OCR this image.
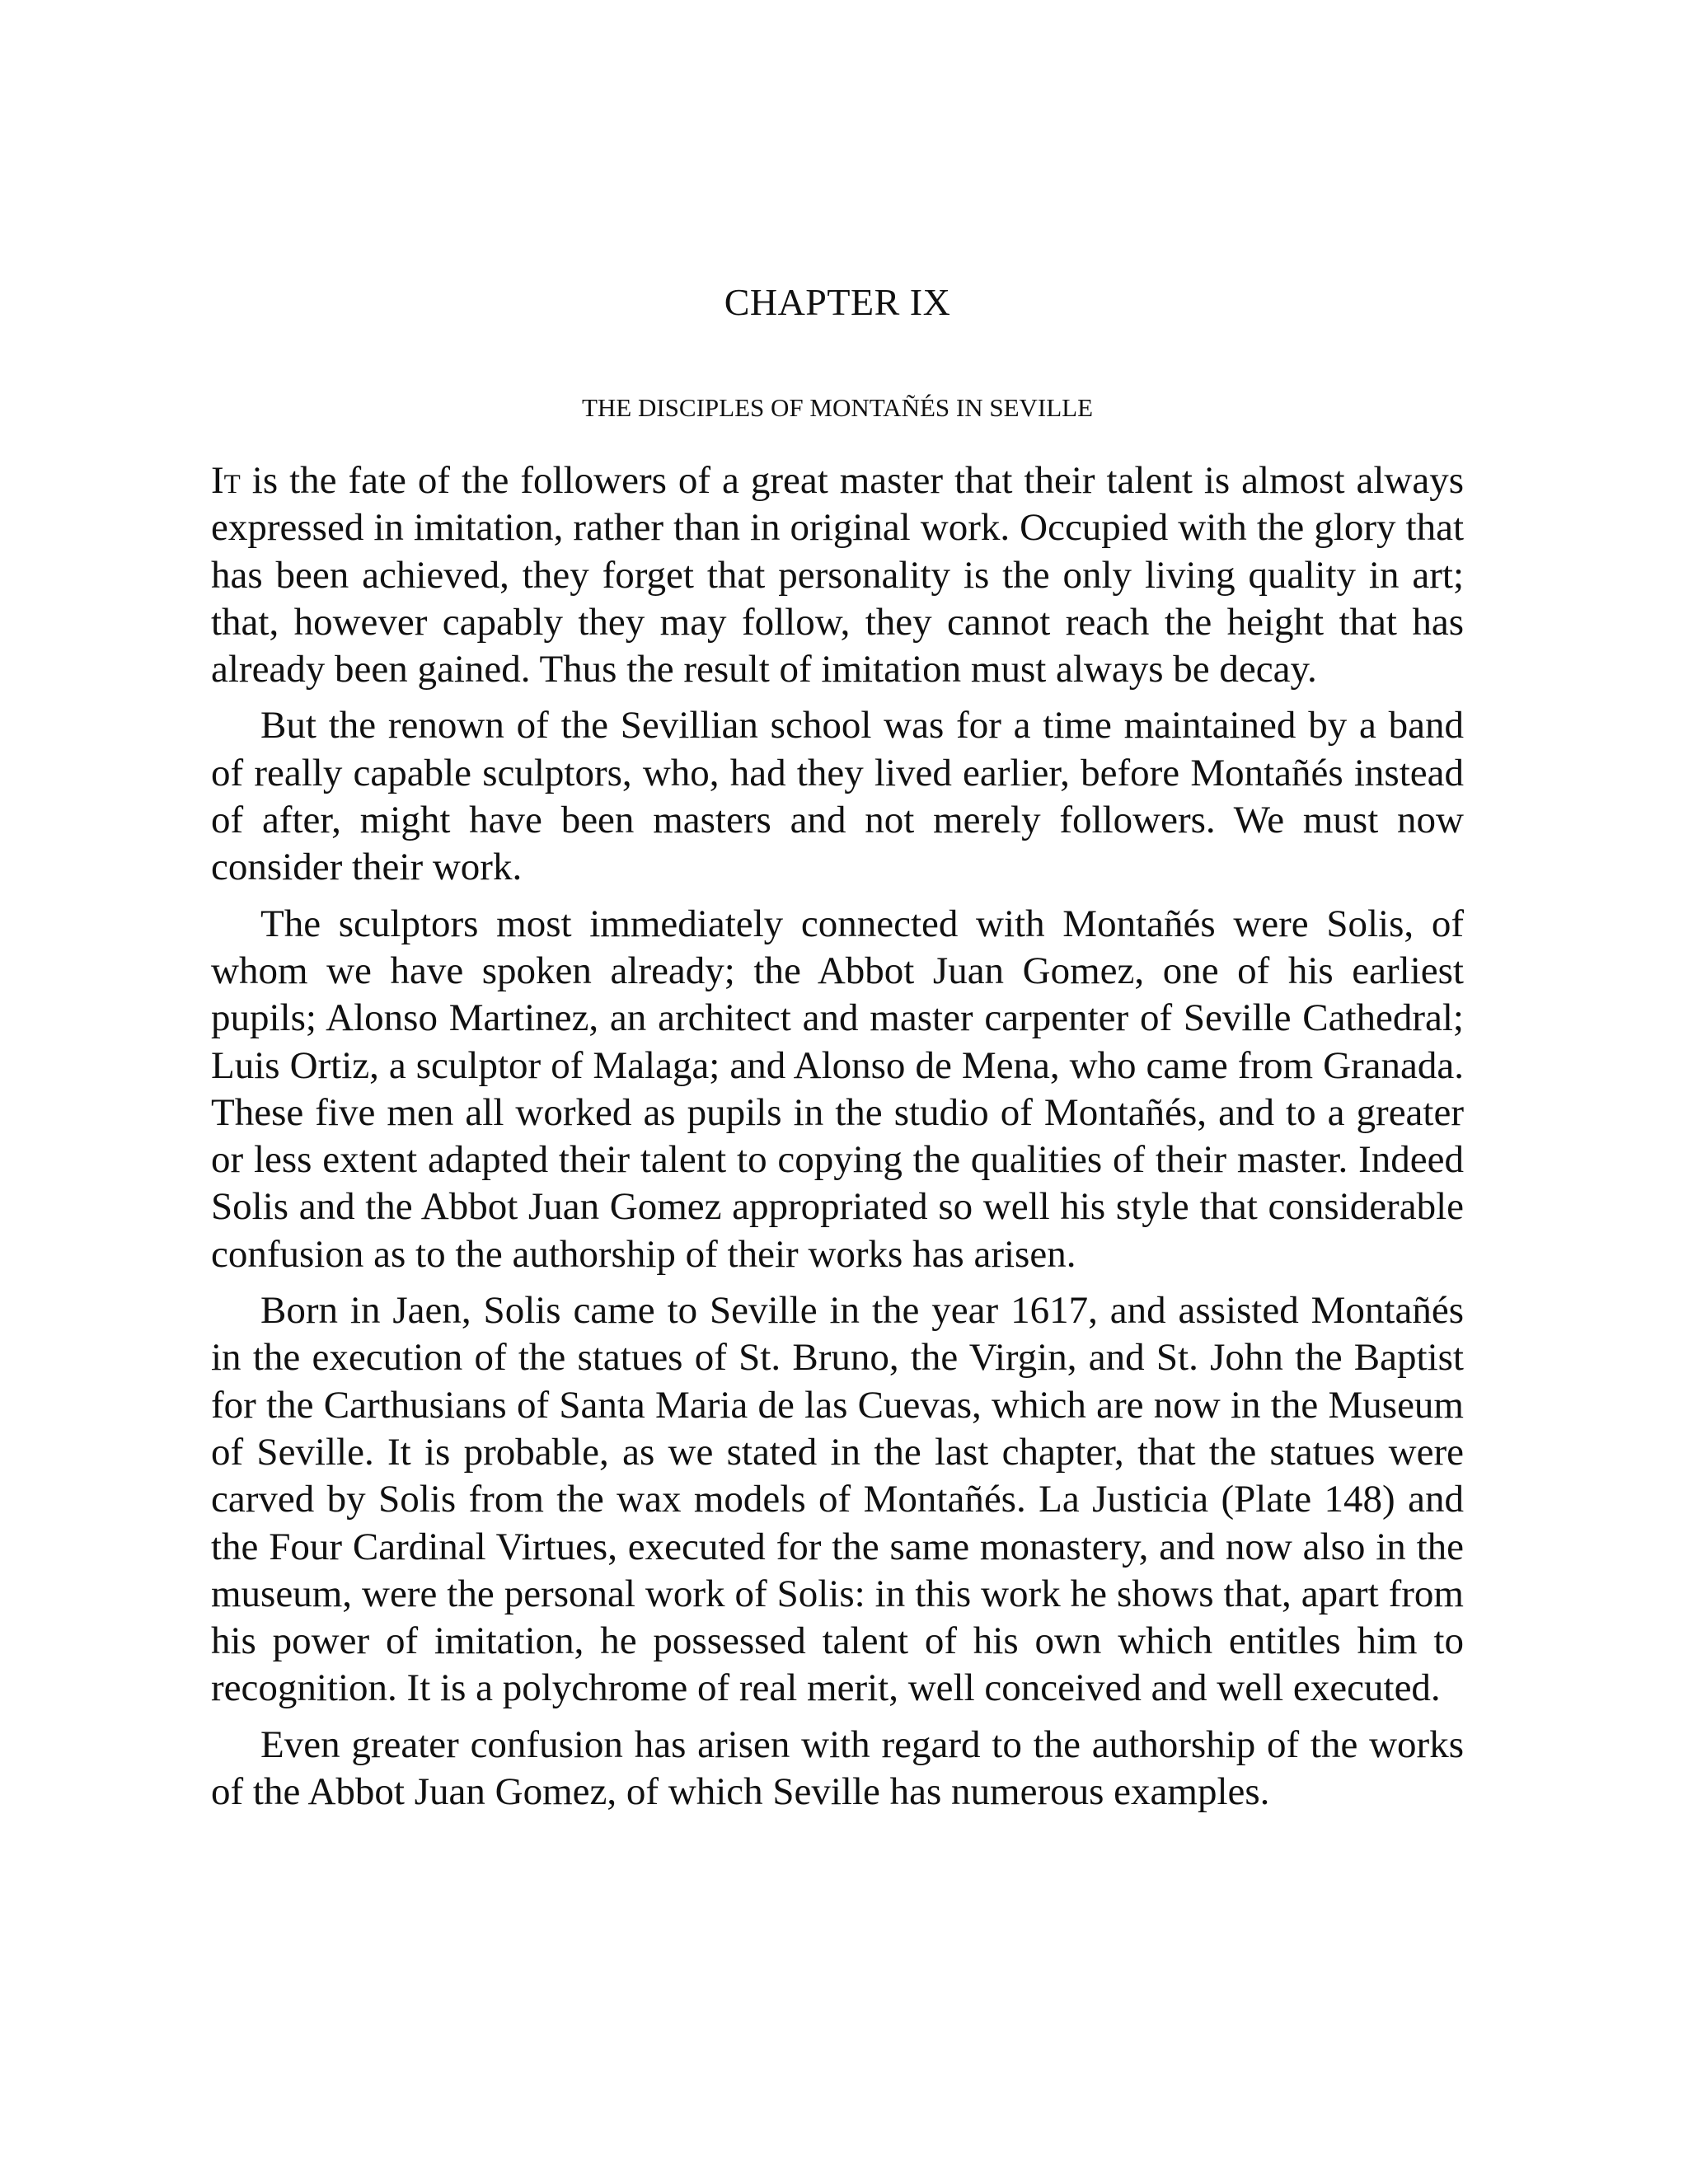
CHAPTER IX
THE DISCIPLES OF MONTAÑÉS IN SEVILLE

It is the fate of the followers of a great master that their talent is almost always expressed in imitation, rather than in original work. Occupied with the glory that has been achieved, they forget that personality is the only living quality in art; that, however capably they may follow, they cannot reach the height that has already been gained. Thus the result of imitation must always be decay.

But the renown of the Sevillian school was for a time maintained by a band of really capable sculptors, who, had they lived earlier, before Montañés instead of after, might have been masters and not merely followers. We must now consider their work.

The sculptors most immediately connected with Montañés were Solis, of whom we have spoken already; the Abbot Juan Gomez, one of his earliest pupils; Alonso Martinez, an architect and master carpenter of Seville Cathedral; Luis Ortiz, a sculptor of Malaga; and Alonso de Mena, who came from Granada. These five men all worked as pupils in the studio of Montañés, and to a greater or less extent adapted their talent to copying the qualities of their master. Indeed Solis and the Abbot Juan Gomez appropriated so well his style that considerable confusion as to the authorship of their works has arisen.

Born in Jaen, Solis came to Seville in the year 1617, and assisted Montañés in the execution of the statues of St. Bruno, the Virgin, and St. John the Baptist for the Carthusians of Santa Maria de las Cuevas, which are now in the Museum of Seville. It is probable, as we stated in the last chapter, that the statues were carved by Solis from the wax models of Montañés. La Justicia (Plate 148) and the Four Cardinal Virtues, executed for the same monastery, and now also in the museum, were the personal work of Solis: in this work he shows that, apart from his power of imitation, he possessed talent of his own which entitles him to recognition. It is a polychrome of real merit, well conceived and well executed.

Even greater confusion has arisen with regard to the authorship of the works of the Abbot Juan Gomez, of which Seville has numerous examples.
